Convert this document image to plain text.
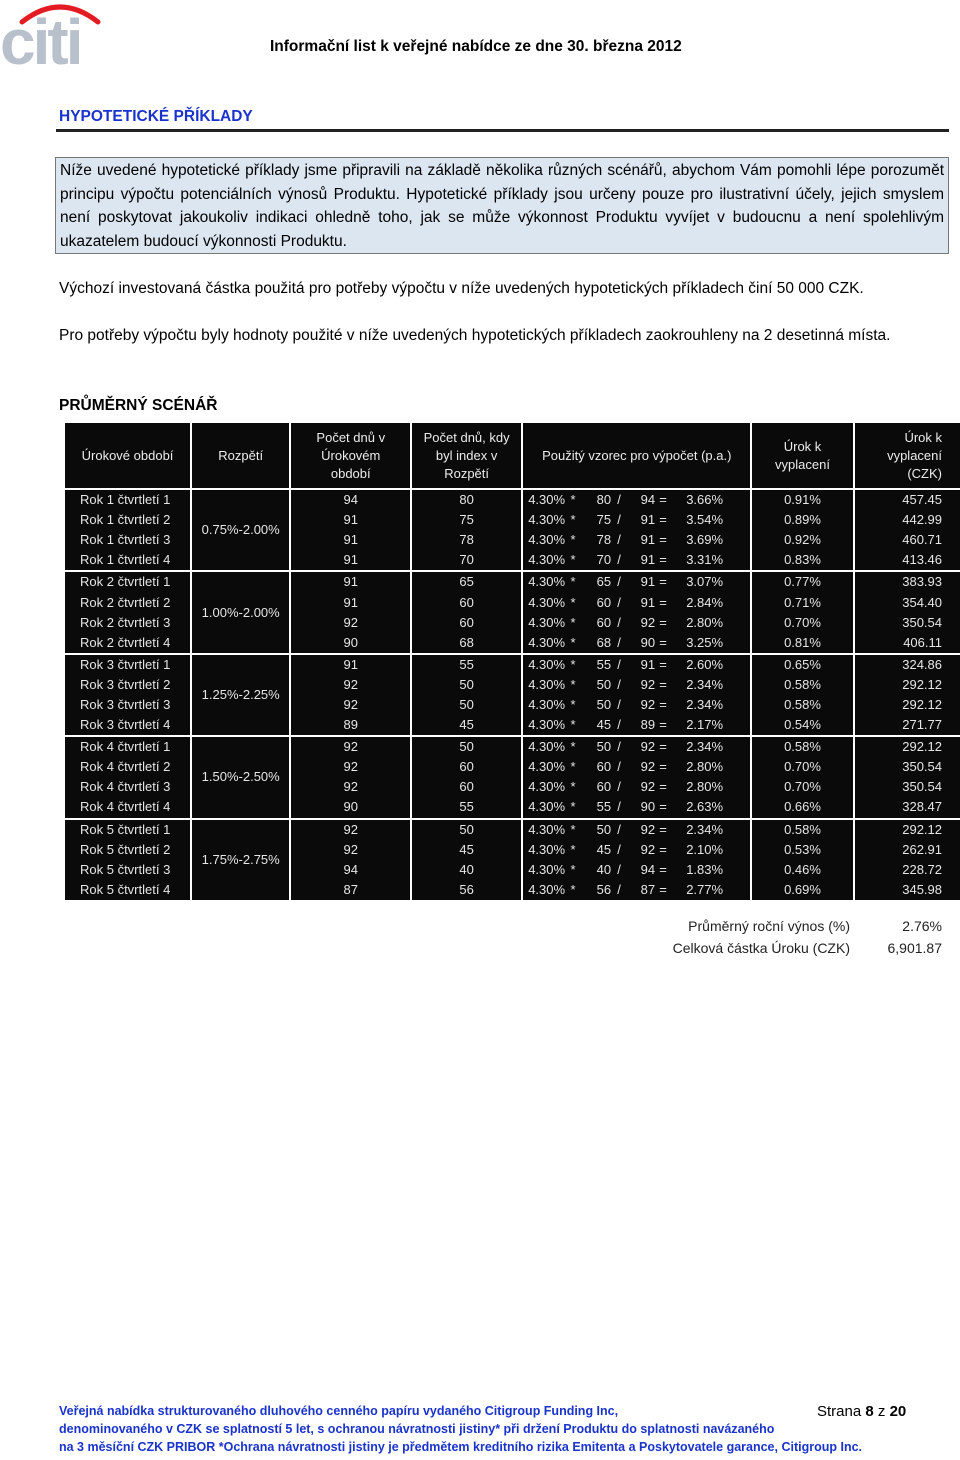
citi	Informační list k veřejné nabídce ze dne 30. března 2012
HYPOTETICKÉ PŘÍKLADY

Níže uvedené hypotetické příklady jsme připravili na základě několika různých scénářů, abychom Vám pomohli lépe porozumět principu výpočtu potenciálních výnosů Produktu. Hypotetické příklady jsou určeny pouze pro ilustrativní účely, jejich smyslem není poskytovat jakoukoliv indikaci ohledně toho, jak se může výkonnost Produktu vyvíjet v budoucnu a není spolehlivým ukazatelem budoucí výkonnosti Produktu.

Výchozí investovaná částka použitá pro potřeby výpočtu v níže uvedených hypotetických příkladech činí 50 000 CZK.

Pro potřeby výpočtu byly hodnoty použité v níže uvedených hypotetických příkladech zaokrouhleny na 2 desetinná místa.

PRŮMĚRNÝ SCÉNÁŘ
Úrokové období	Rozpětí	Počet dnů v Úrokovém období	Počet dnů, kdy byl index v Rozpětí	Použitý vzorec pro výpočet (p.a.)	Úrok k vyplacení	Úrok k vyplacení (CZK)
Rok 1 čtvrtletí 1	0.75%-2.00%	94	80	4.30% * 80 / 94 = 3.66%	0.91%	457.45
Rok 1 čtvrtletí 2		91	75	4.30% * 75 / 91 = 3.54%	0.89%	442.99
Rok 1 čtvrtletí 3		91	78	4.30% * 78 / 91 = 3.69%	0.92%	460.71
Rok 1 čtvrtletí 4		91	70	4.30% * 70 / 91 = 3.31%	0.83%	413.46
Rok 2 čtvrtletí 1	1.00%-2.00%	91	65	4.30% * 65 / 91 = 3.07%	0.77%	383.93
Rok 2 čtvrtletí 2		91	60	4.30% * 60 / 91 = 2.84%	0.71%	354.40
Rok 2 čtvrtletí 3		92	60	4.30% * 60 / 92 = 2.80%	0.70%	350.54
Rok 2 čtvrtletí 4		90	68	4.30% * 68 / 90 = 3.25%	0.81%	406.11
Rok 3 čtvrtletí 1	1.25%-2.25%	91	55	4.30% * 55 / 91 = 2.60%	0.65%	324.86
Rok 3 čtvrtletí 2		92	50	4.30% * 50 / 92 = 2.34%	0.58%	292.12
Rok 3 čtvrtletí 3		92	50	4.30% * 50 / 92 = 2.34%	0.58%	292.12
Rok 3 čtvrtletí 4		89	45	4.30% * 45 / 89 = 2.17%	0.54%	271.77
Rok 4 čtvrtletí 1	1.50%-2.50%	92	50	4.30% * 50 / 92 = 2.34%	0.58%	292.12
Rok 4 čtvrtletí 2		92	60	4.30% * 60 / 92 = 2.80%	0.70%	350.54
Rok 4 čtvrtletí 3		92	60	4.30% * 60 / 92 = 2.80%	0.70%	350.54
Rok 4 čtvrtletí 4		90	55	4.30% * 55 / 90 = 2.63%	0.66%	328.47
Rok 5 čtvrtletí 1	1.75%-2.75%	92	50	4.30% * 50 / 92 = 2.34%	0.58%	292.12
Rok 5 čtvrtletí 2		92	45	4.30% * 45 / 92 = 2.10%	0.53%	262.91
Rok 5 čtvrtletí 3		94	40	4.30% * 40 / 94 = 1.83%	0.46%	228.72
Rok 5 čtvrtletí 4		87	56	4.30% * 56 / 87 = 2.77%	0.69%	345.98
Průměrný roční výnos (%)	2.76%
Celková částka Úroku (CZK)	6,901.87
Veřejná nabídka strukturovaného dluhového cenného papíru vydaného Citigroup Funding Inc,
denominovaného v CZK se splatností 5 let, s ochranou návratnosti jistiny* při držení Produktu do splatnosti navázaného
na 3 měsíční CZK PRIBOR *Ochrana návratnosti jistiny je předmětem kreditního rizika Emitenta a Poskytovatele garance, Citigroup Inc.
Strana 8 z 20
